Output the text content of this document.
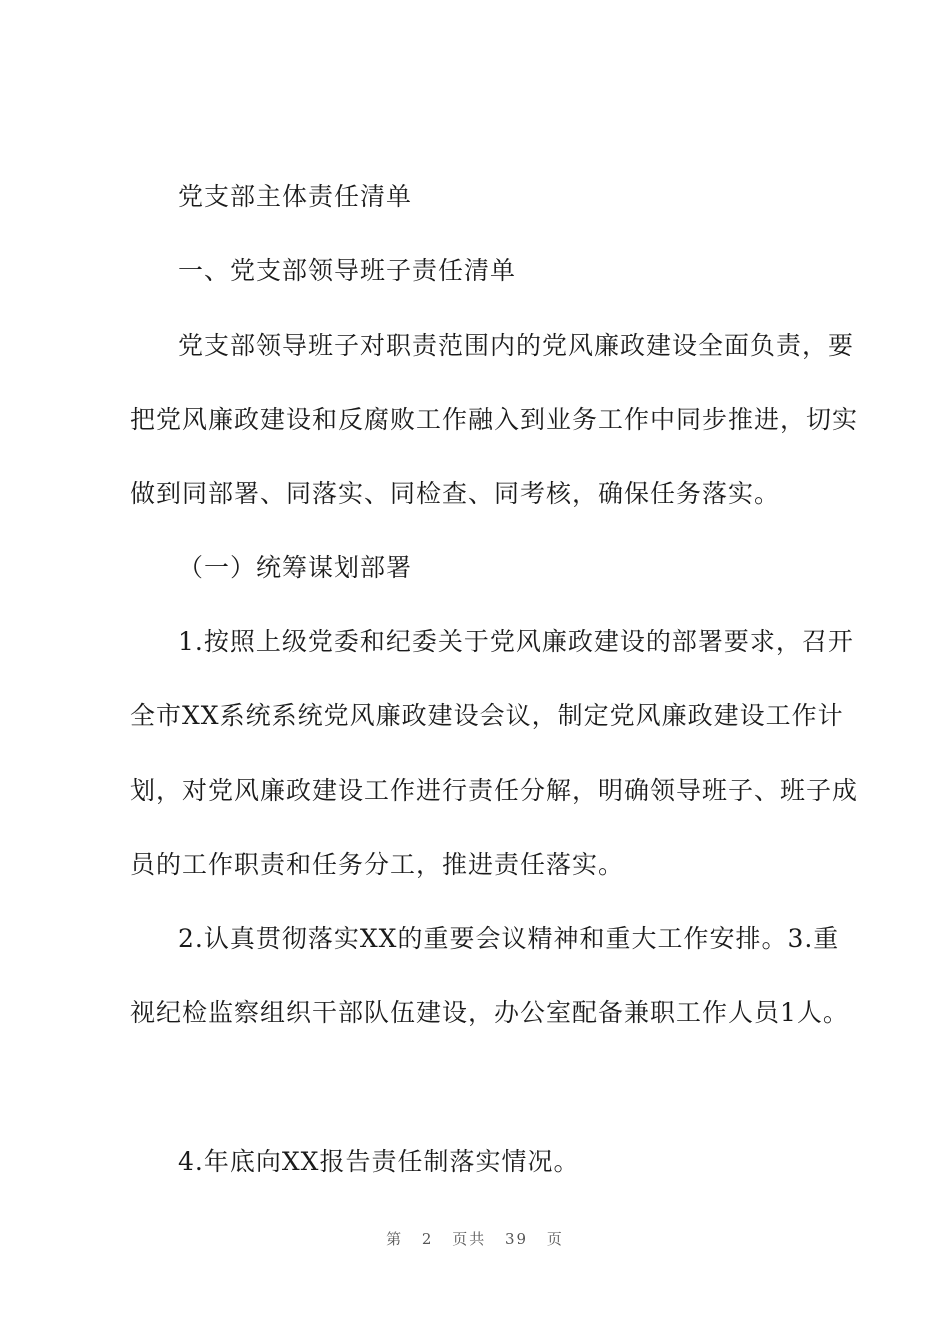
党支部主体责任清单
一、党支部领导班子责任清单
党支部领导班子对职责范围内的党风廉政建设全面负责，要
把党风廉政建设和反腐败工作融入到业务工作中同步推进，切实
做到同部署、同落实、同检查、同考核，确保任务落实。
（一）统筹谋划部署
1.按照上级党委和纪委关于党风廉政建设的部署要求，召开
全市XX系统系统党风廉政建设会议，制定党风廉政建设工作计
划，对党风廉政建设工作进行责任分解，明确领导班子、班子成
员的工作职责和任务分工，推进责任落实。
2.认真贯彻落实XX的重要会议精神和重大工作安排。3.重
视纪检监察组织干部队伍建设，办公室配备兼职工作人员1人。
4.年底向XX报告责任制落实情况。
第 2 页共 39 页
